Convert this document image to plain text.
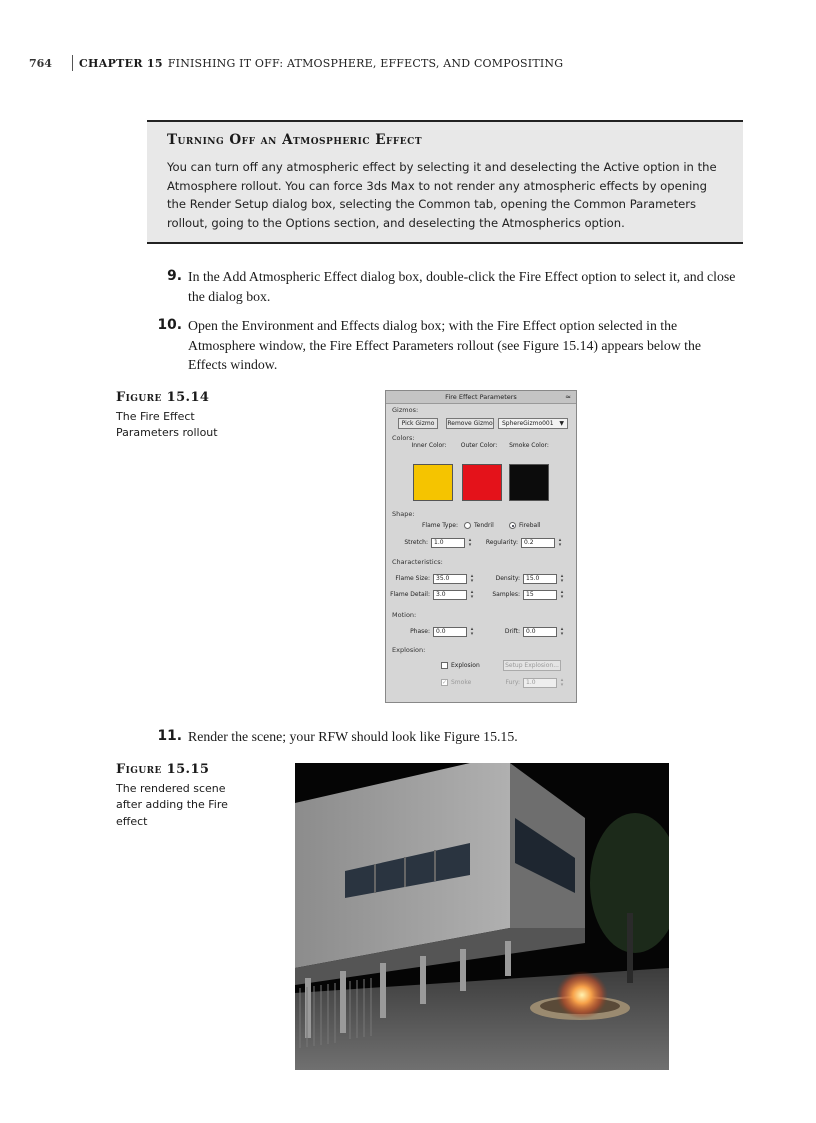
764	CHAPTER 15 FINISHING IT OFF: ATMOSPHERE, EFFECTS, AND COMPOSITING
Turning Off an Atmospheric Effect

You can turn off any atmospheric effect by selecting it and deselecting the Active option in the Atmosphere rollout. You can force 3ds Max to not render any atmospheric effects by opening the Render Setup dialog box, selecting the Common tab, opening the Common Parameters rollout, going to the Options section, and deselecting the Atmospherics option.

9. In the Add Atmospheric Effect dialog box, double-click the Fire Effect option to select it, and close the dialog box.
10. Open the Environment and Effects dialog box; with the Fire Effect option selected in the Atmosphere window, the Fire Effect Parameters rollout (see Figure 15.14) appears below the Effects window.
11. Render the scene; your RFW should look like Figure 15.15.
Figure 15.14
The Fire Effect Parameters rollout
Figure 15.15
The rendered scene after adding the Fire effect
Fire Effect Parameters	≈
Gizmos:
Pick Gizmo	Remove Gizmo	SphereGizmo001 ▼
Colors:
Inner Color:	Outer Color:	Smoke Color:
Shape:
Flame Type:	Tendril	Fireball
Stretch:	1.0	▴
▾	Regularity:	0.2	▴
▾
Characteristics:
Flame Size:	35.0	▴
▾	Density:	15.0	▴
▾
Flame Detail:	3.0	▴
▾	Samples:	15	▴
▾
Motion:
Phase:	0.0	▴
▾	Drift:	0.0	▴
▾
Explosion:
Explosion	Setup Explosion...
✓ Smoke	Fury:	1.0	▴
▾
